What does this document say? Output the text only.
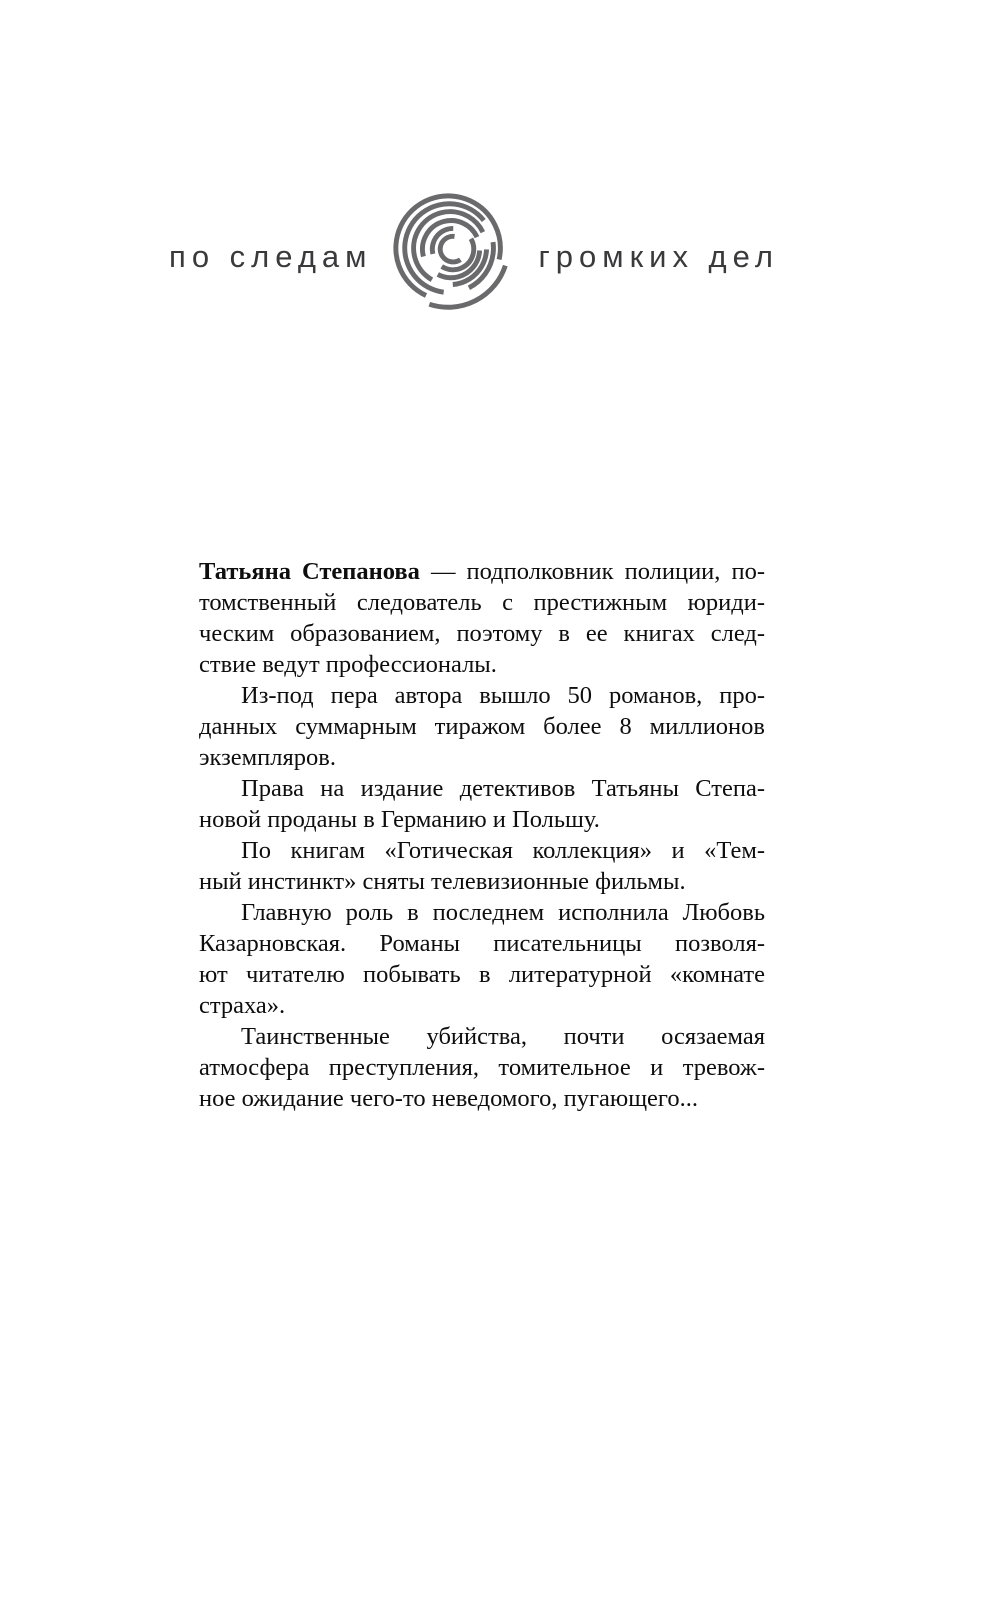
по следам	громких дел
Татьяна Степанова — подполковник полиции, по-
томственный следователь с престижным юриди-
ческим образованием, поэтому в ее книгах след-
ствие ведут профессионалы.
Из-под пера автора вышло 50 романов, про-
данных суммарным тиражом более 8 миллионов
экземпляров.
Права на издание детективов Татьяны Степа-
новой проданы в Германию и Польшу.
По книгам «Готическая коллекция» и «Тем-
ный инстинкт» сняты телевизионные фильмы.
Главную роль в последнем исполнила Любовь
Казарновская. Романы писательницы позволя-
ют читателю побывать в литературной «комнате
страха».
Таинственные убийства, почти осязаемая
атмосфера преступления, томительное и тревож-
ное ожидание чего-то неведомого, пугающего...
